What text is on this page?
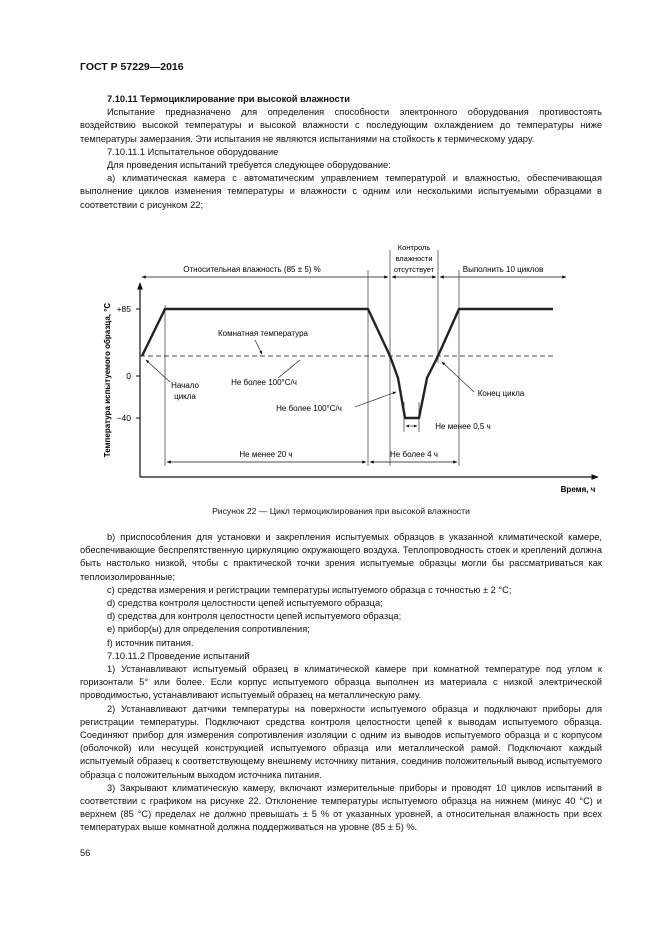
ГОСТ Р 57229—2016

7.10.11 Термоциклирование при высокой влажности

Испытание предназначено для определения способности электронного оборудования противостоять воздействию высокой температуры и высокой влажности с последующим охлаждением до температуры ниже температуры замерзания. Эти испытания не являются испытаниями на стойкость к термическому удару.

7.10.11.1 Испытательное оборудование

Для проведения испытаний требуется следующее оборудование:

а) климатическая камера с автоматическим управлением температурой и влажностью, обеспечивающая выполнение циклов изменения температуры и влажности с одним или несколькими испытуемыми образцами в соответствии с рисунком 22;

+85
0
−40
Температура испытуемого образца, °С
Время, ч
Относительная влажность (85 ± 5) %
Контроль
влажности
отсутствует	Выполнить 10 циклов
Комнатная температура
Начало
цикла
Не более 100°С/ч
Не более 100°С/ч
Конец цикла
Не менее 0,5 ч
Не менее 20 ч	Не более 4 ч
Рисунок 22 — Цикл термоциклирования при высокой влажности

b) приспособления для установки и закрепления испытуемых образцов в указанной климатической камере, обеспечивающие беспрепятственную циркуляцию окружающего воздуха. Теплопроводность стоек и креплений должна быть настолько низкой, чтобы с практической точки зрения испытуемые образцы могли бы рассматриваться как теплоизолированные;

с) средства измерения и регистрации температуры испытуемого образца с точностью ± 2 °С;

d) средства контроля целостности цепей испытуемого образца;

d) средства для контроля целостности цепей испытуемого образца;

е) прибор(ы) для определения сопротивления;

f) источник питания.

7.10.11.2 Проведение испытаний

1) Устанавливают испытуемый образец в климатической камере при комнатной температуре под углом к горизонтали 5° или более. Если корпус испытуемого образца выполнен из материала с низкой электрической проводимостью, устанавливают испытуемый образец на металлическую раму.

2) Устанавливают датчики температуры на поверхности испытуемого образца и подключают приборы для регистрации температуры. Подключают средства контроля целостности цепей к выводам испытуемого образца. Соединяют прибор для измерения сопротивления изоляции с одним из выводов испытуемого образца и с корпусом (оболочкой) или несущей конструкцией испытуемого образца или металлической рамой. Подключают каждый испытуемый образец к соответствующему внешнему источнику питания, соединив положительный вывод испытуемого образца с положительным выходом источника питания.

3) Закрывают климатическую камеру, включают измерительные приборы и проводят 10 циклов испытаний в соответствии с графиком на рисунке 22. Отклонение температуры испытуемого образца на нижнем (минус 40 °С) и верхнем (85 °С) пределах не должно превышать ± 5 % от указанных уровней, а относительная влажность при всех температурах выше комнатной должна поддерживаться на уровне (85 ± 5) %.

56
